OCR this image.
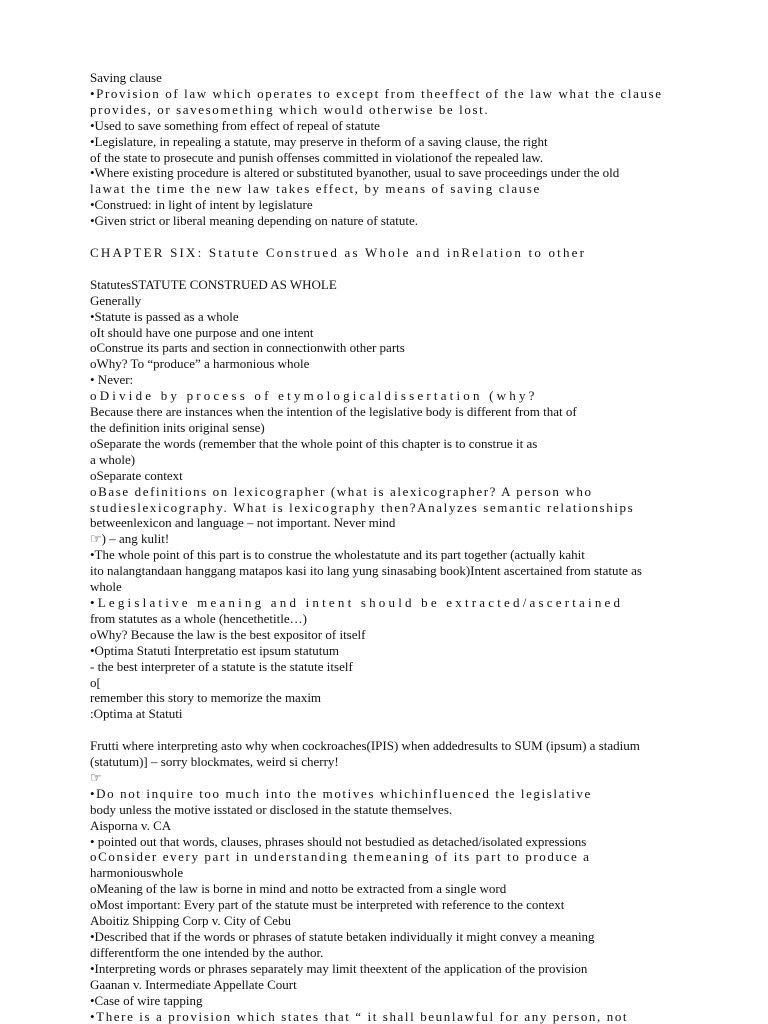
Saving clause
•Provision of law which operates to except from theeffect of the law what the clause
provides, or savesomething which would otherwise be lost.
•Used to save something from effect of repeal of statute
•Legislature, in repealing a statute, may preserve in theform of a saving clause, the right
of the state to prosecute and punish offenses committed in violationof the repealed law.
•Where existing procedure is altered or substituted byanother, usual to save proceedings under the old
lawat the time the new law takes effect, by means of saving clause
•Construed: in light of intent by legislature
•Given strict or liberal meaning depending on nature of statute.
CHAPTER SIX: Statute Construed as Whole and inRelation to other
StatutesSTATUTE CONSTRUED AS WHOLE
Generally
•Statute is passed as a whole
oIt should have one purpose and one intent
oConstrue its parts and section in connectionwith other parts
oWhy? To “produce” a harmonious whole
• Never:
oDivide by process of etymologicaldissertation (why?
Because there are instances when the intention of the legislative body is different from that of
the definition inits original sense)
oSeparate the words (remember that the whole point of this chapter is to construe it as
a whole)
oSeparate context
oBase definitions on lexicographer (what is alexicographer? A person who
studieslexicography. What is lexicography then?Analyzes semantic relationships
betweenlexicon and language – not important. Never mind
☞) – ang kulit!
•The whole point of this part is to construe the wholestatute and its part together (actually kahit
ito nalangtandaan hanggang matapos kasi ito lang yung sinasabing book)Intent ascertained from statute as
whole
•Legislative meaning and intent should be extracted/ascertained
from statutes as a whole (hencethetitle…)
oWhy? Because the law is the best expositor of itself
•Optima Statuti Interpretatio est ipsum statutum
- the best interpreter of a statute is the statute itself
o[
remember this story to memorize the maxim
:Optima at Statuti
Frutti where interpreting asto why when cockroaches(IPIS) when addedresults to SUM (ipsum) a stadium
(statutum)] – sorry blockmates, weird si cherry!
☞
•Do not inquire too much into the motives whichinfluenced the legislative
body unless the motive isstated or disclosed in the statute themselves.
Aisporna v. CA
• pointed out that words, clauses, phrases should not bestudied as detached/isolated expressions
oConsider every part in understanding themeaning of its part to produce a
harmoniouswhole
oMeaning of the law is borne in mind and notto be extracted from a single word
oMost important: Every part of the statute must be interpreted with reference to the context
Aboitiz Shipping Corp v. City of Cebu
•Described that if the words or phrases of statute betaken individually it might convey a meaning
differentform the one intended by the author.
•Interpreting words or phrases separately may limit theextent of the application of the provision
Gaanan v. Intermediate Appellate Court
•Case of wire tapping
•There is a provision which states that “ it shall beunlawful for any person, not
